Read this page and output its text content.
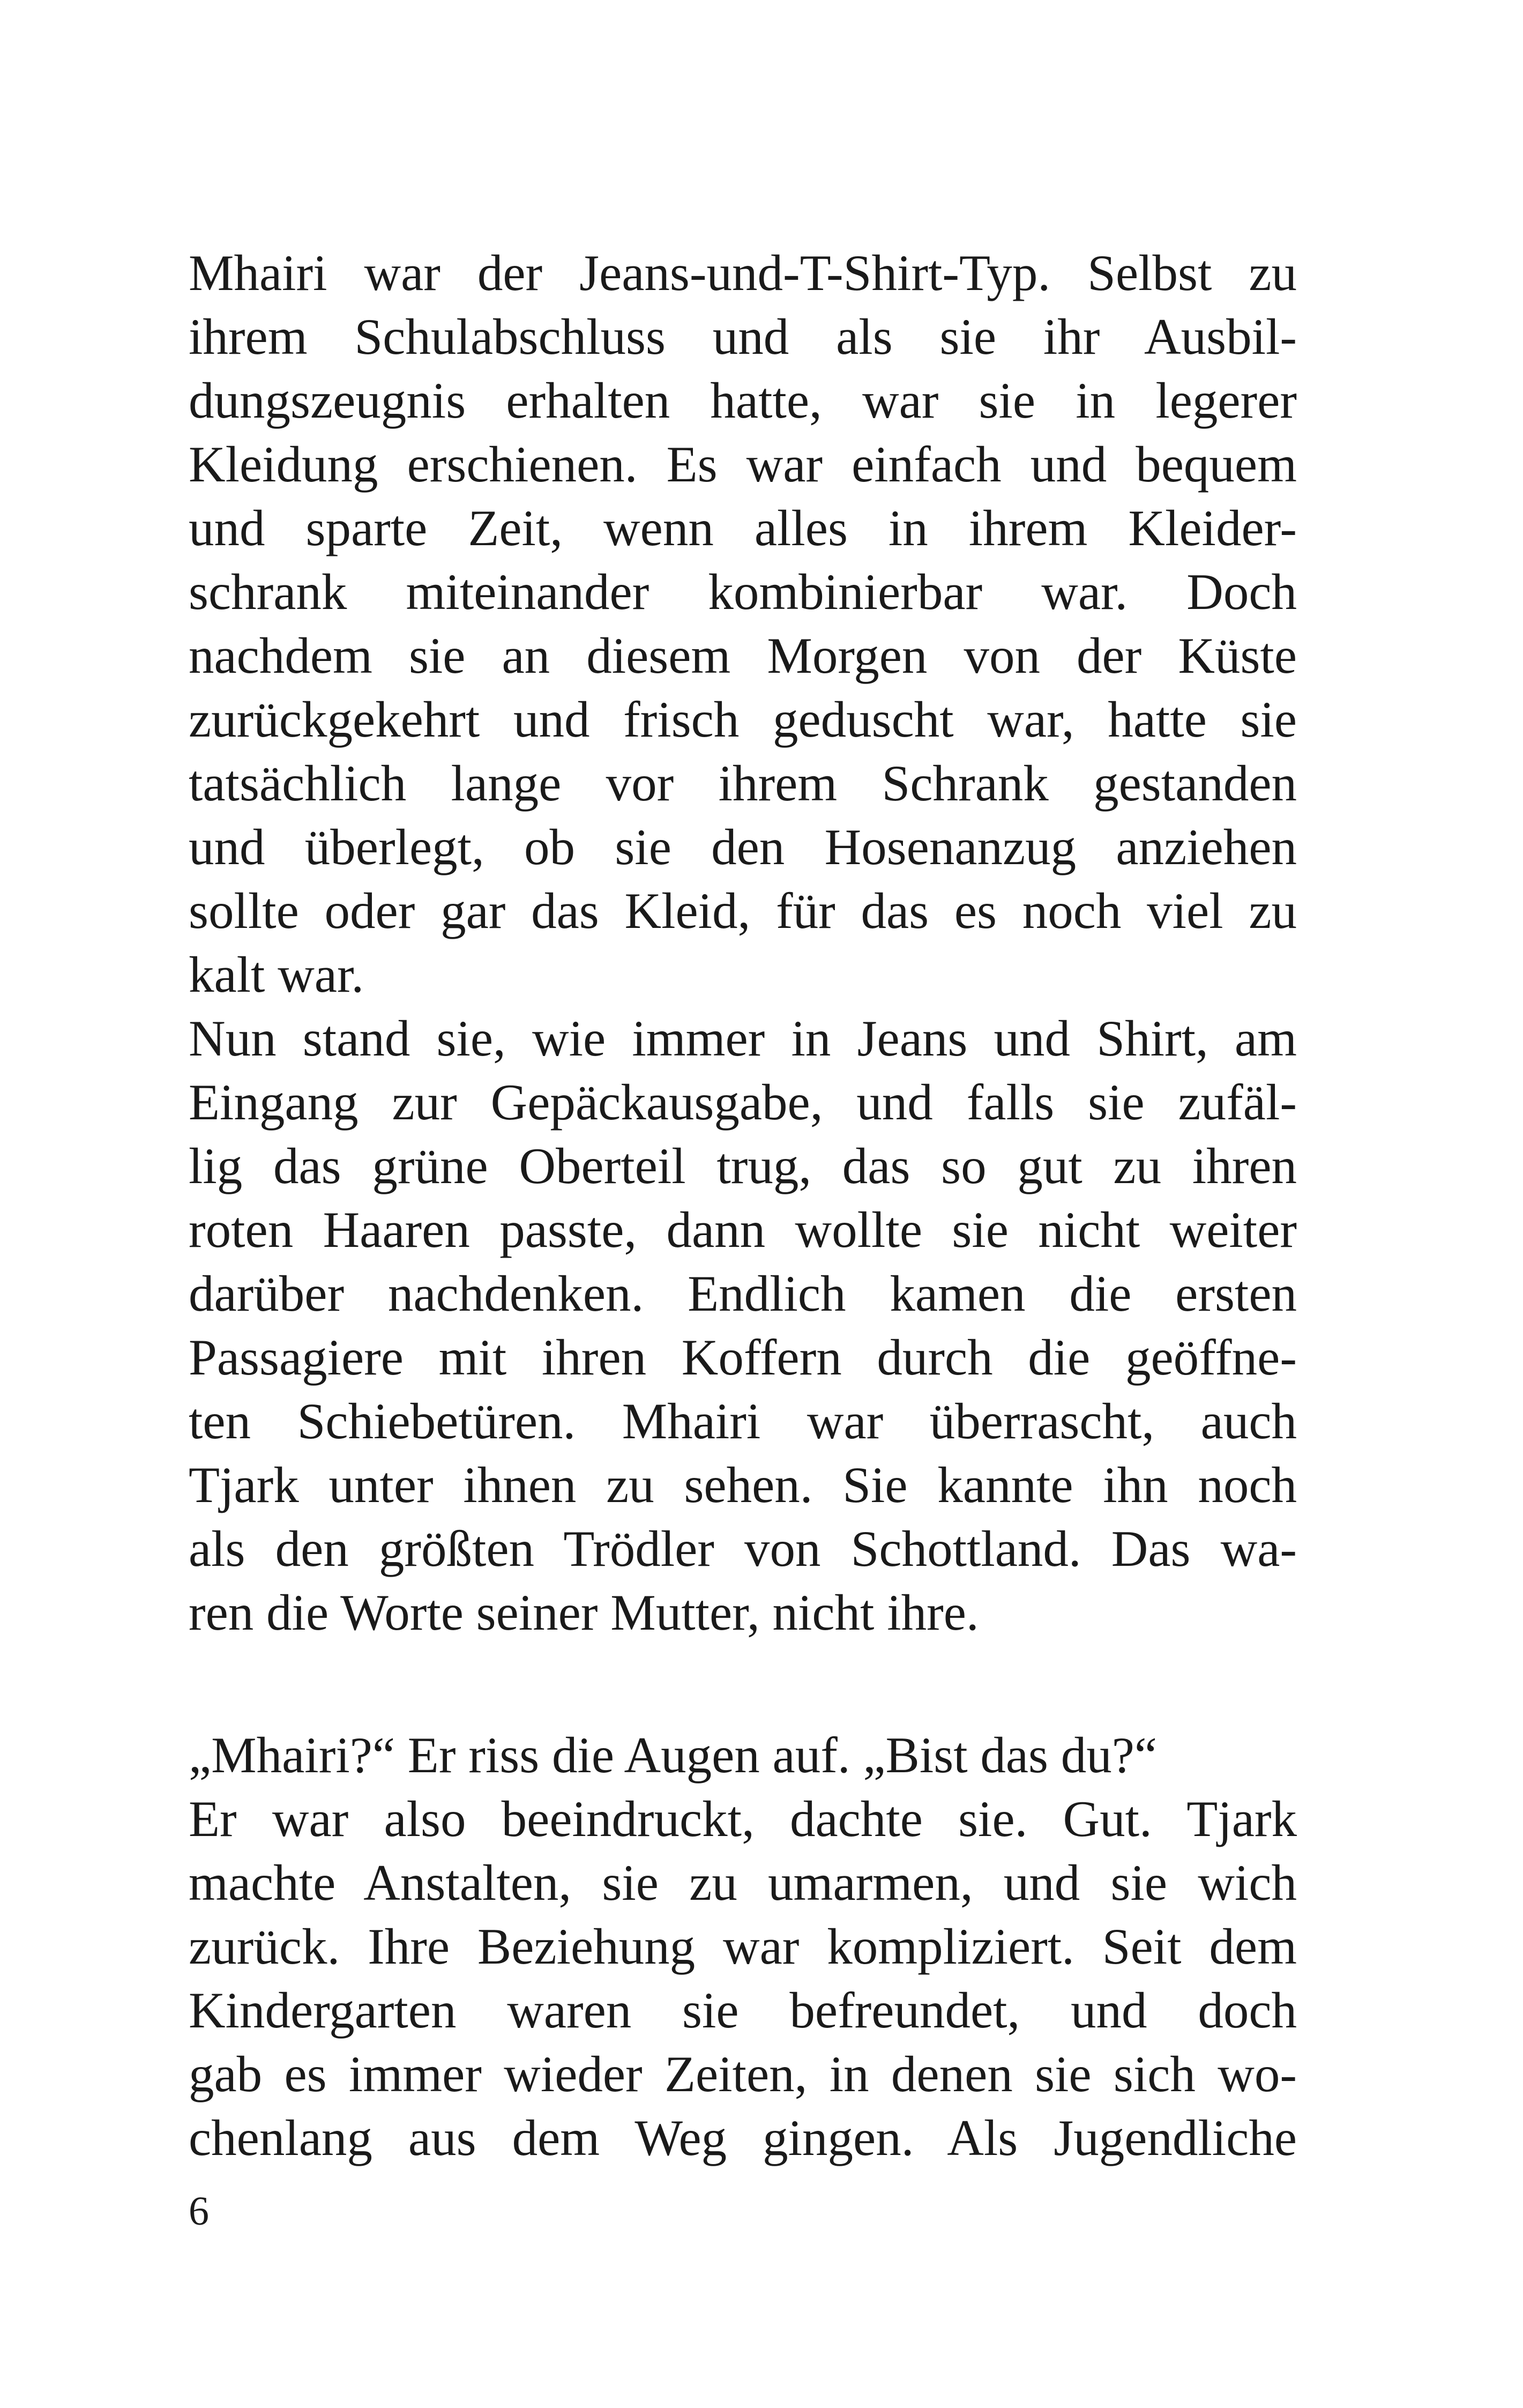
Mhairi war der Jeans-und-T-Shirt-Typ. Selbst zu
ihrem Schulabschluss und als sie ihr Ausbil-
dungszeugnis erhalten hatte, war sie in legerer
Kleidung erschienen. Es war einfach und bequem
und sparte Zeit, wenn alles in ihrem Kleider-
schrank miteinander kombinierbar war. Doch
nachdem sie an diesem Morgen von der Küste
zurückgekehrt und frisch geduscht war, hatte sie
tatsächlich lange vor ihrem Schrank gestanden
und überlegt, ob sie den Hosenanzug anziehen
sollte oder gar das Kleid, für das es noch viel zu
kalt war.
Nun stand sie, wie immer in Jeans und Shirt, am
Eingang zur Gepäckausgabe, und falls sie zufäl-
lig das grüne Oberteil trug, das so gut zu ihren
roten Haaren passte, dann wollte sie nicht weiter
darüber nachdenken. Endlich kamen die ersten
Passagiere mit ihren Koffern durch die geöffne-
ten Schiebetüren. Mhairi war überrascht, auch
Tjark unter ihnen zu sehen. Sie kannte ihn noch
als den größten Trödler von Schottland. Das wa-
ren die Worte seiner Mutter, nicht ihre.
„Mhairi?“ Er riss die Augen auf. „Bist das du?“
Er war also beeindruckt, dachte sie. Gut. Tjark
machte Anstalten, sie zu umarmen, und sie wich
zurück. Ihre Beziehung war kompliziert. Seit dem
Kindergarten waren sie befreundet, und doch
gab es immer wieder Zeiten, in denen sie sich wo-
chenlang aus dem Weg gingen. Als Jugendliche
6
